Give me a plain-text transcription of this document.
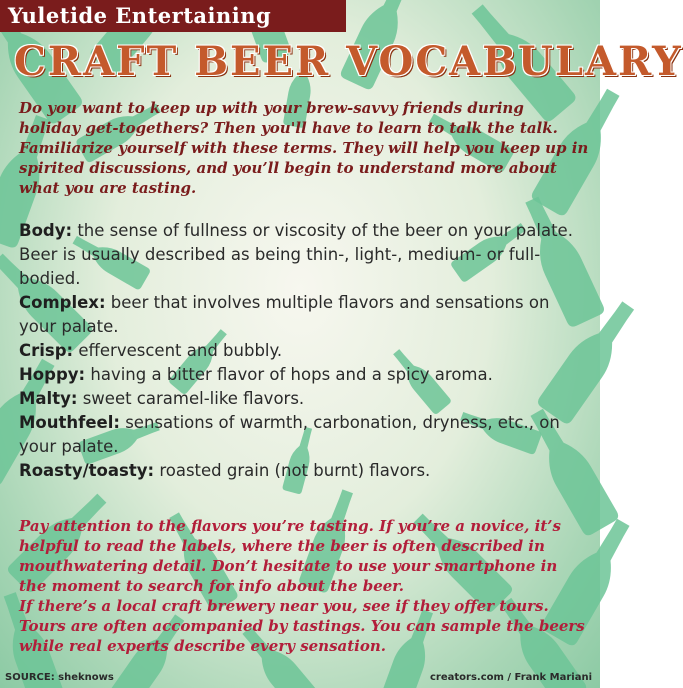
Yuletide Entertaining
CRAFT BEER VOCABULARY

Do you want to keep up with your brew-savvy friends during holiday get-togethers? Then you'll have to learn to talk the talk. Familiarize yourself with these terms. They will help you keep up in spirited discussions, and you’ll begin to understand more about what you are tasting.

Body: the sense of fullness or viscosity of the beer on your palate. Beer is usually described as being thin-, light-, medium- or full-bodied.
Complex: beer that involves multiple flavors and sensations on your palate.
Crisp: effervescent and bubbly.
Hoppy: having a bitter flavor of hops and a spicy aroma.
Malty: sweet caramel-like flavors.
Mouthfeel: sensations of warmth, carbonation, dryness, etc., on your palate.
Roasty/toasty: roasted grain (not burnt) flavors.

Pay attention to the flavors you’re tasting. If you’re a novice, it’s helpful to read the labels, where the beer is often described in mouthwatering detail. Don’t hesitate to use your smartphone in the moment to search for info about the beer.

If there’s a local craft brewery near you, see if they offer tours. Tours are often accompanied by tastings. You can sample the beers while real experts describe every sensation.

SOURCE: sheknows	creators.com / Frank Mariani
